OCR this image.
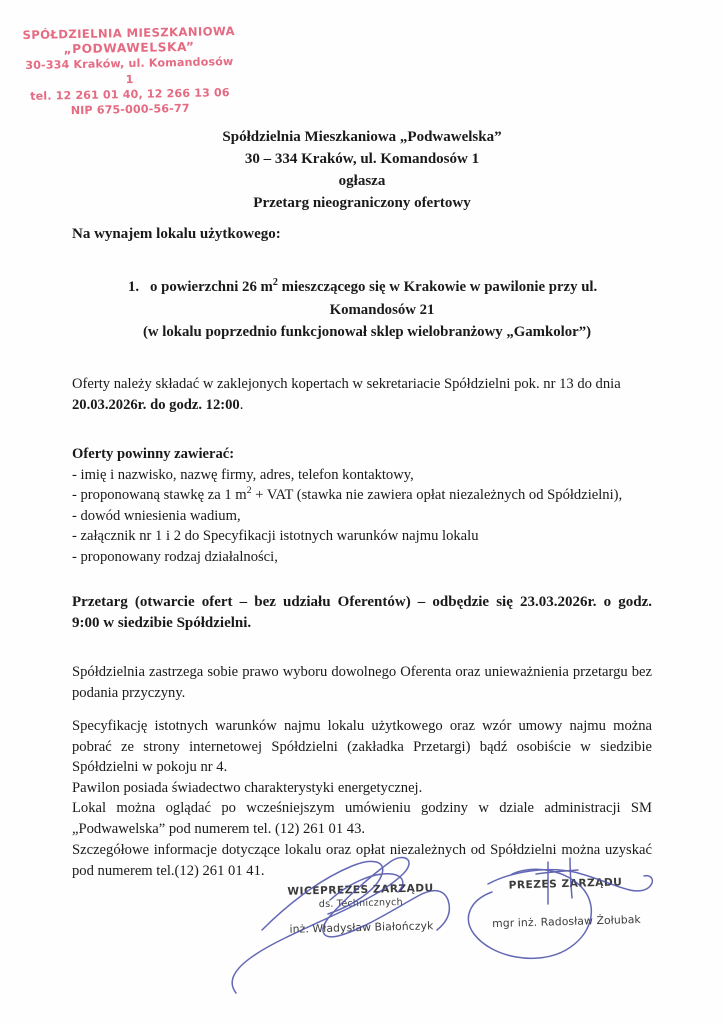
SPÓŁDZIELNIA MIESZKANIOWA
„PODWAWELSKA”
30-334 Kraków, ul. Komandosów 1
tel. 12 261 01 40, 12 266 13 06
NIP 675-000-56-77
Spółdzielnia Mieszkaniowa „Podwawelska”
30 – 334 Kraków, ul. Komandosów 1
ogłasza
Przetarg nieograniczony ofertowy
Na wynajem lokalu użytkowego:
1. o powierzchni 26 $m^2$ mieszczącego się w Krakowie w pawilonie przy ul.
Komandosów 21
(w lokalu poprzednio funkcjonował sklep wielobranżowy „Gamkolor”)
Oferty należy składać w zaklejonych kopertach w sekretariacie Spółdzielni pok. nr 13 do dnia
20.03.2026r. do godz. 12:00.
Oferty powinny zawierać:
- imię i nazwisko, nazwę firmy, adres, telefon kontaktowy,
- proponowaną stawkę za 1 $m^2$ + VAT (stawka nie zawiera opłat niezależnych od Spółdzielni),
- dowód wniesienia wadium,
- załącznik nr 1 i 2 do Specyfikacji istotnych warunków najmu lokalu
- proponowany rodzaj działalności,
Przetarg (otwarcie ofert – bez udziału Oferentów) – odbędzie się 23.03.2026r. o godz.
9:00 w siedzibie Spółdzielni.
Spółdzielnia zastrzega sobie prawo wyboru dowolnego Oferenta oraz unieważnienia przetargu bez podania przyczyny.
Specyfikację istotnych warunków najmu lokalu użytkowego oraz wzór umowy najmu można pobrać ze strony internetowej Spółdzielni (zakładka Przetargi) bądź osobiście w siedzibie Spółdzielni w pokoju nr 4.
Pawilon posiada świadectwo charakterystyki energetycznej.
Lokal można oglądać po wcześniejszym umówieniu godziny w dziale administracji SM „Podwawelska” pod numerem tel. (12) 261 01 43.
Szczegółowe informacje dotyczące lokalu oraz opłat niezależnych od Spółdzielni można uzyskać pod numerem tel.(12) 261 01 41.
WICEPREZES ZARZĄDU
ds. Technicznych
inż. Władysław Białończyk
PREZES ZARZĄDU
mgr inż. Radosław Żołubak
